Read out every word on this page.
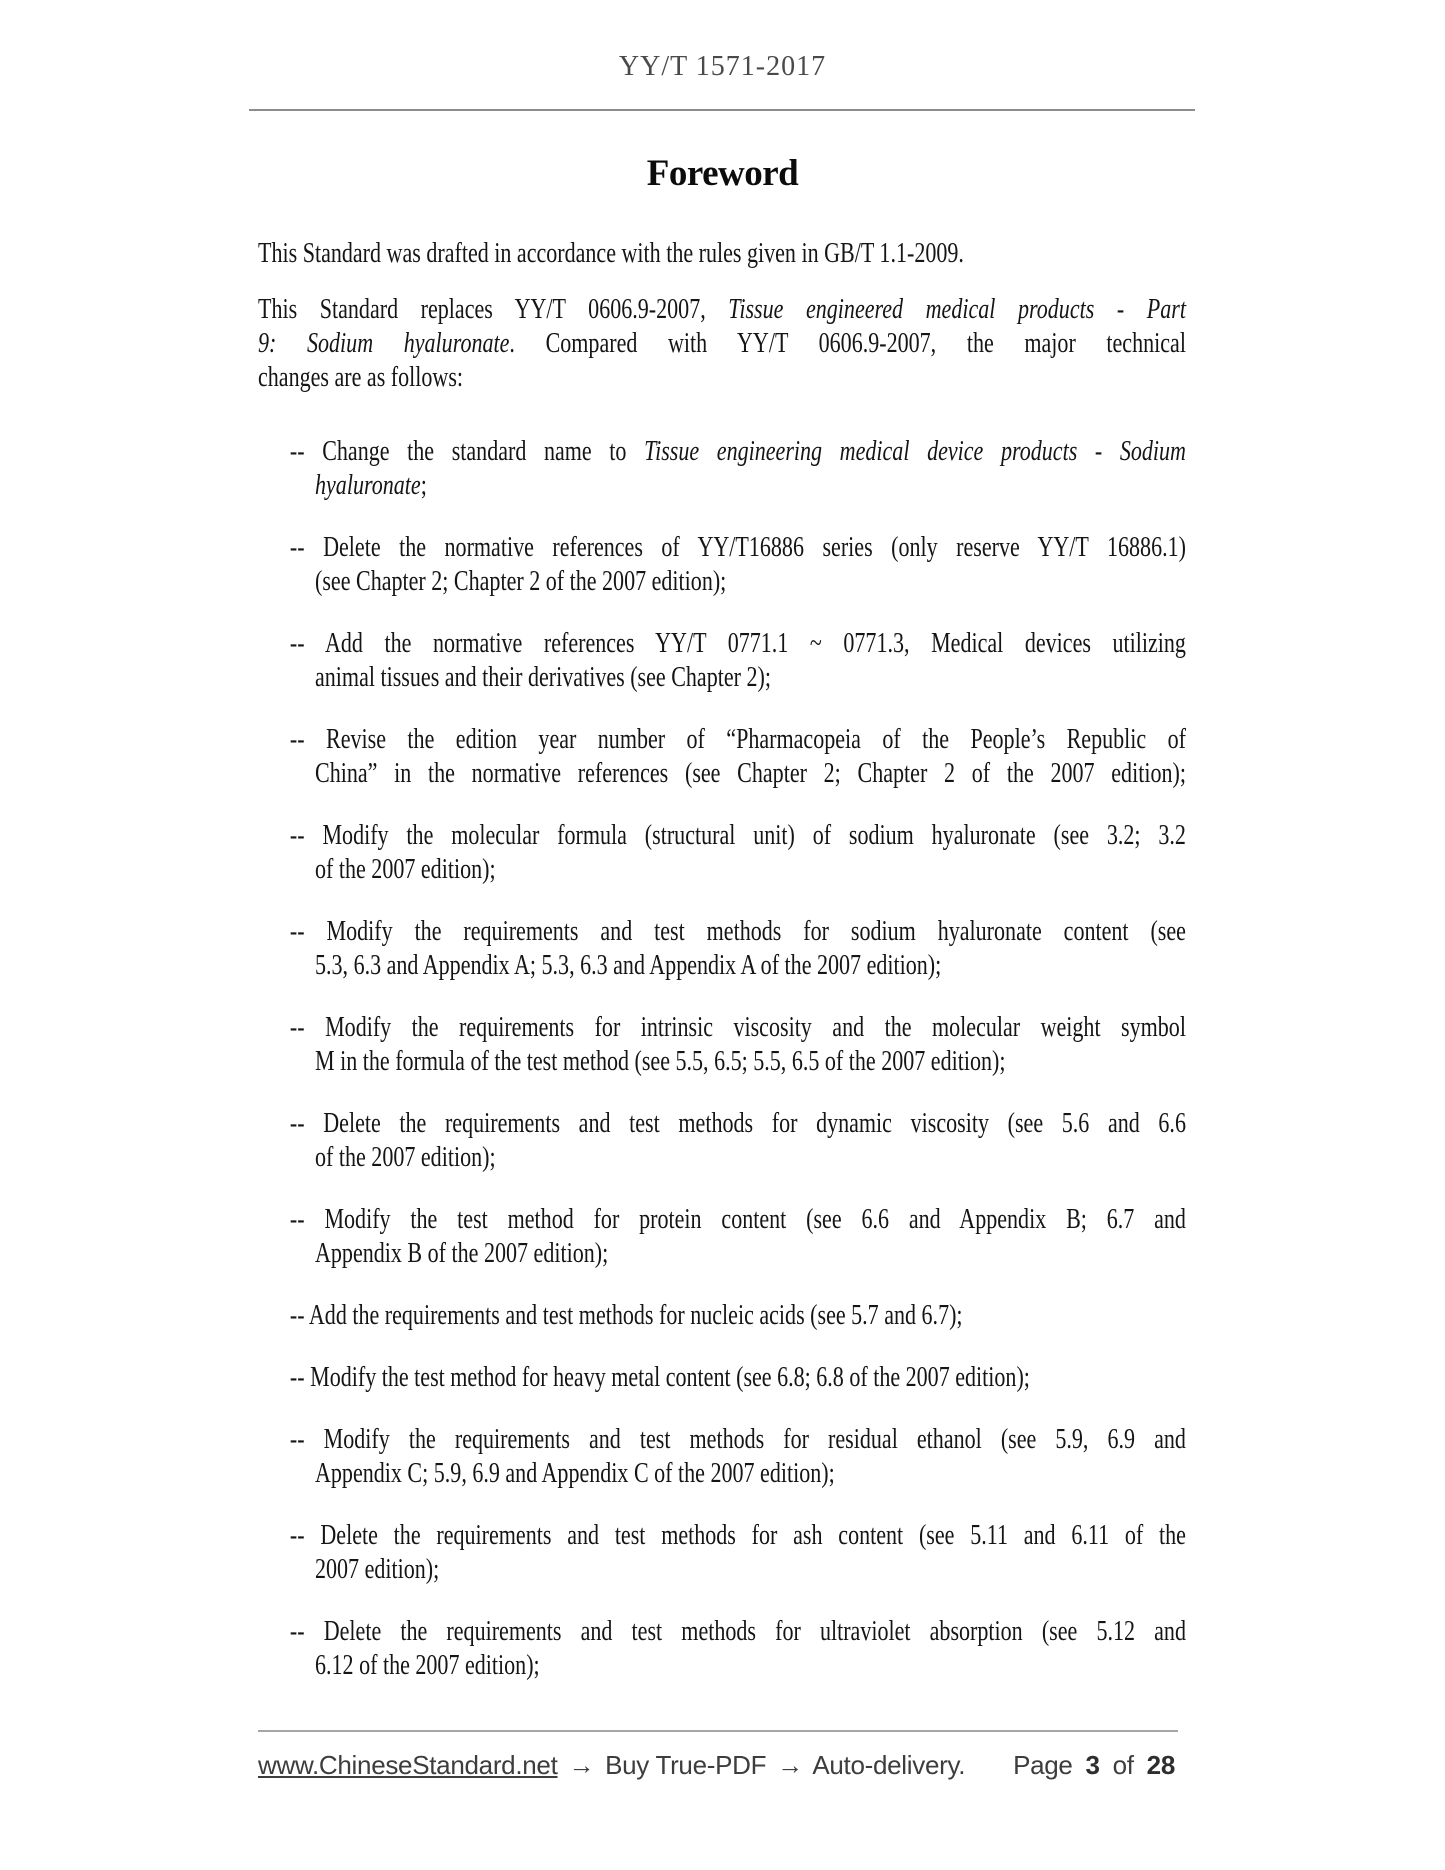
YY/T 1571-2017
Foreword
This Standard was drafted in accordance with the rules given in GB/T 1.1-2009.
This Standard replaces YY/T 0606.9-2007, Tissue engineered medical products - Part
9: Sodium hyaluronate. Compared with YY/T 0606.9-2007, the major technical
changes are as follows:
-- Change the standard name to Tissue engineering medical device products - Sodium
hyaluronate;
-- Delete the normative references of YY/T16886 series (only reserve YY/T 16886.1)
(see Chapter 2; Chapter 2 of the 2007 edition);
-- Add the normative references YY/T 0771.1 ~ 0771.3, Medical devices utilizing
animal tissues and their derivatives (see Chapter 2);
-- Revise the edition year number of “Pharmacopeia of the People’s Republic of
China” in the normative references (see Chapter 2; Chapter 2 of the 2007 edition);
-- Modify the molecular formula (structural unit) of sodium hyaluronate (see 3.2; 3.2
of the 2007 edition);
-- Modify the requirements and test methods for sodium hyaluronate content (see
5.3, 6.3 and Appendix A; 5.3, 6.3 and Appendix A of the 2007 edition);
-- Modify the requirements for intrinsic viscosity and the molecular weight symbol
M in the formula of the test method (see 5.5, 6.5; 5.5, 6.5 of the 2007 edition);
-- Delete the requirements and test methods for dynamic viscosity (see 5.6 and 6.6
of the 2007 edition);
-- Modify the test method for protein content (see 6.6 and Appendix B; 6.7 and
Appendix B of the 2007 edition);
-- Add the requirements and test methods for nucleic acids (see 5.7 and 6.7);
-- Modify the test method for heavy metal content (see 6.8; 6.8 of the 2007 edition);
-- Modify the requirements and test methods for residual ethanol (see 5.9, 6.9 and
Appendix C; 5.9, 6.9 and Appendix C of the 2007 edition);
-- Delete the requirements and test methods for ash content (see 5.11 and 6.11 of the
2007 edition);
-- Delete the requirements and test methods for ultraviolet absorption (see 5.12 and
6.12 of the 2007 edition);
www.ChineseStandard.net → Buy True-PDF → Auto-delivery. Page 3 of 28
